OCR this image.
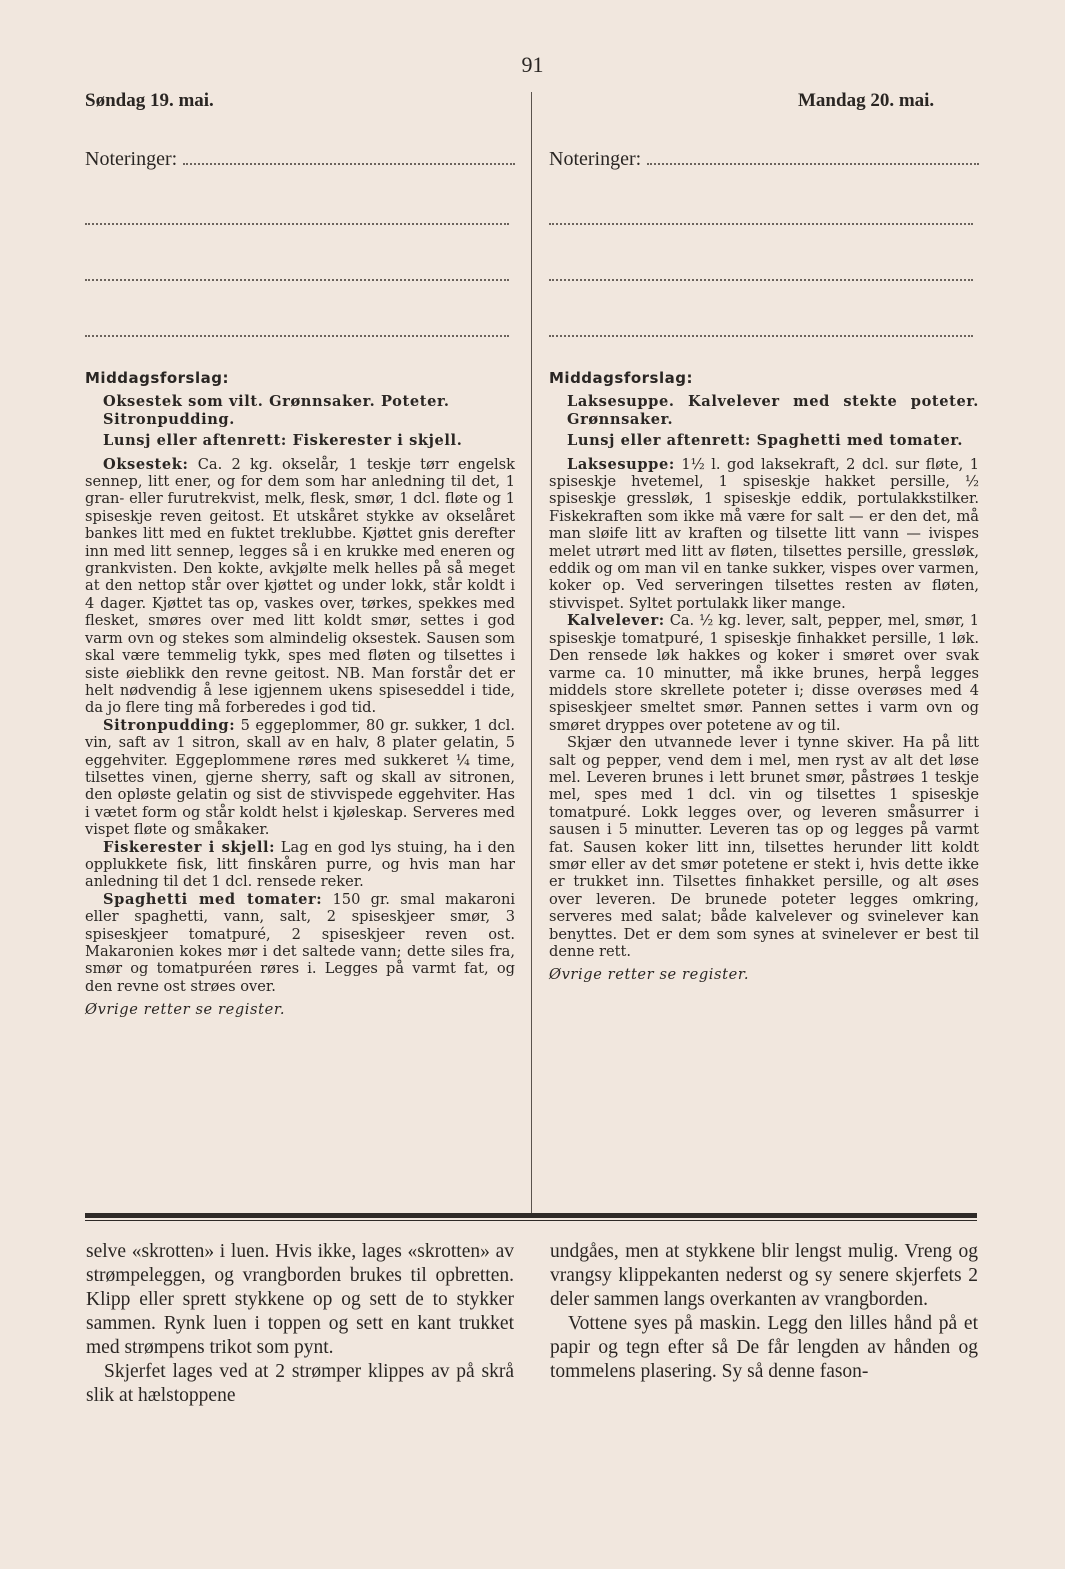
91
Søndag 19. mai.
Noteringer:
Middagsforslag:
Oksestek som vilt. Grønnsaker. Poteter.
Sitronpudding.
Lunsj eller aftenrett: Fiskerester i skjell.

Oksestek: Ca. 2 kg. okselår, 1 teskje tørr engelsk sennep, litt ener, og for dem som har anledning til det, 1 gran- eller furutrekvist, melk, flesk, smør, 1 dcl. fløte og 1 spiseskje reven geitost. Et utskåret stykke av okselåret bankes litt med en fuktet treklubbe. Kjøttet gnis derefter inn med litt sennep, legges så i en krukke med eneren og grankvisten. Den kokte, avkjølte melk helles på så meget at den nettop står over kjøttet og under lokk, står koldt i 4 dager. Kjøttet tas op, vaskes over, tørkes, spekkes med flesket, smøres over med litt koldt smør, settes i god varm ovn og stekes som almindelig oksestek. Sausen som skal være temmelig tykk, spes med fløten og tilsettes i siste øieblikk den revne geitost. NB. Man forstår det er helt nødvendig å lese igjennem ukens spiseseddel i tide, da jo flere ting må forberedes i god tid.

Sitronpudding: 5 eggeplommer, 80 gr. sukker, 1 dcl. vin, saft av 1 sitron, skall av en halv, 8 plater gelatin, 5 eggehviter. Eggeplommene røres med sukkeret ¼ time, tilsettes vinen, gjerne sherry, saft og skall av sitronen, den opløste gelatin og sist de stivvispede eggehviter. Has i vætet form og står koldt helst i kjøleskap. Serveres med vispet fløte og småkaker.

Fiskerester i skjell: Lag en god lys stuing, ha i den opplukkete fisk, litt finskåren purre, og hvis man har anledning til det 1 dcl. rensede reker.

Spaghetti med tomater: 150 gr. smal makaroni eller spaghetti, vann, salt, 2 spiseskjeer smør, 3 spiseskjeer tomatpuré, 2 spiseskjeer reven ost. Makaronien kokes mør i det saltede vann; dette siles fra, smør og tomatpuréen røres i. Legges på varmt fat, og den revne ost strøes over.

Øvrige retter se register.
Mandag 20. mai.
Noteringer:
Middagsforslag:
Laksesuppe. Kalvelever med stekte poteter. Grønnsaker.
Lunsj eller aftenrett: Spaghetti med tomater.

Laksesuppe: 1½ l. god laksekraft, 2 dcl. sur fløte, 1 spiseskje hvetemel, 1 spiseskje hakket persille, ½ spiseskje gressløk, 1 spiseskje eddik, portulakkstilker. Fiskekraften som ikke må være for salt — er den det, må man sløife litt av kraften og tilsette litt vann — ivispes melet utrørt med litt av fløten, tilsettes persille, gressløk, eddik og om man vil en tanke sukker, vispes over varmen, koker op. Ved serveringen tilsettes resten av fløten, stivvispet. Syltet portulakk liker mange.

Kalvelever: Ca. ½ kg. lever, salt, pepper, mel, smør, 1 spiseskje tomatpuré, 1 spiseskje finhakket persille, 1 løk. Den rensede løk hakkes og koker i smøret over svak varme ca. 10 minutter, må ikke brunes, herpå legges middels store skrellete poteter i; disse overøses med 4 spiseskjeer smeltet smør. Pannen settes i varm ovn og smøret dryppes over potetene av og til.

Skjær den utvannede lever i tynne skiver. Ha på litt salt og pepper, vend dem i mel, men ryst av alt det løse mel. Leveren brunes i lett brunet smør, påstrøes 1 teskje mel, spes med 1 dcl. vin og tilsettes 1 spiseskje tomatpuré. Lokk legges over, og leveren småsurrer i sausen i 5 minutter. Leveren tas op og legges på varmt fat. Sausen koker litt inn, tilsettes herunder litt koldt smør eller av det smør potetene er stekt i, hvis dette ikke er trukket inn. Tilsettes finhakket persille, og alt øses over leveren. De brunede poteter legges omkring, serveres med salat; både kalvelever og svinelever kan benyttes. Det er dem som synes at svinelever er best til denne rett.

Øvrige retter se register.

selve «skrotten» i luen. Hvis ikke, lages «skrotten» av strømpeleggen, og vrangborden brukes til opbretten. Klipp eller sprett stykkene op og sett de to stykker sammen. Rynk luen i toppen og sett en kant trukket med strømpens trikot som pynt.

Skjerfet lages ved at 2 strømper klippes av på skrå slik at hælstoppene

undgåes, men at stykkene blir lengst mulig. Vreng og vrangsy klippekanten nederst og sy senere skjerfets 2 deler sammen langs overkanten av vrangborden.

Vottene syes på maskin. Legg den lilles hånd på et papir og tegn efter så De får lengden av hånden og tommelens plasering. Sy så denne fason-
